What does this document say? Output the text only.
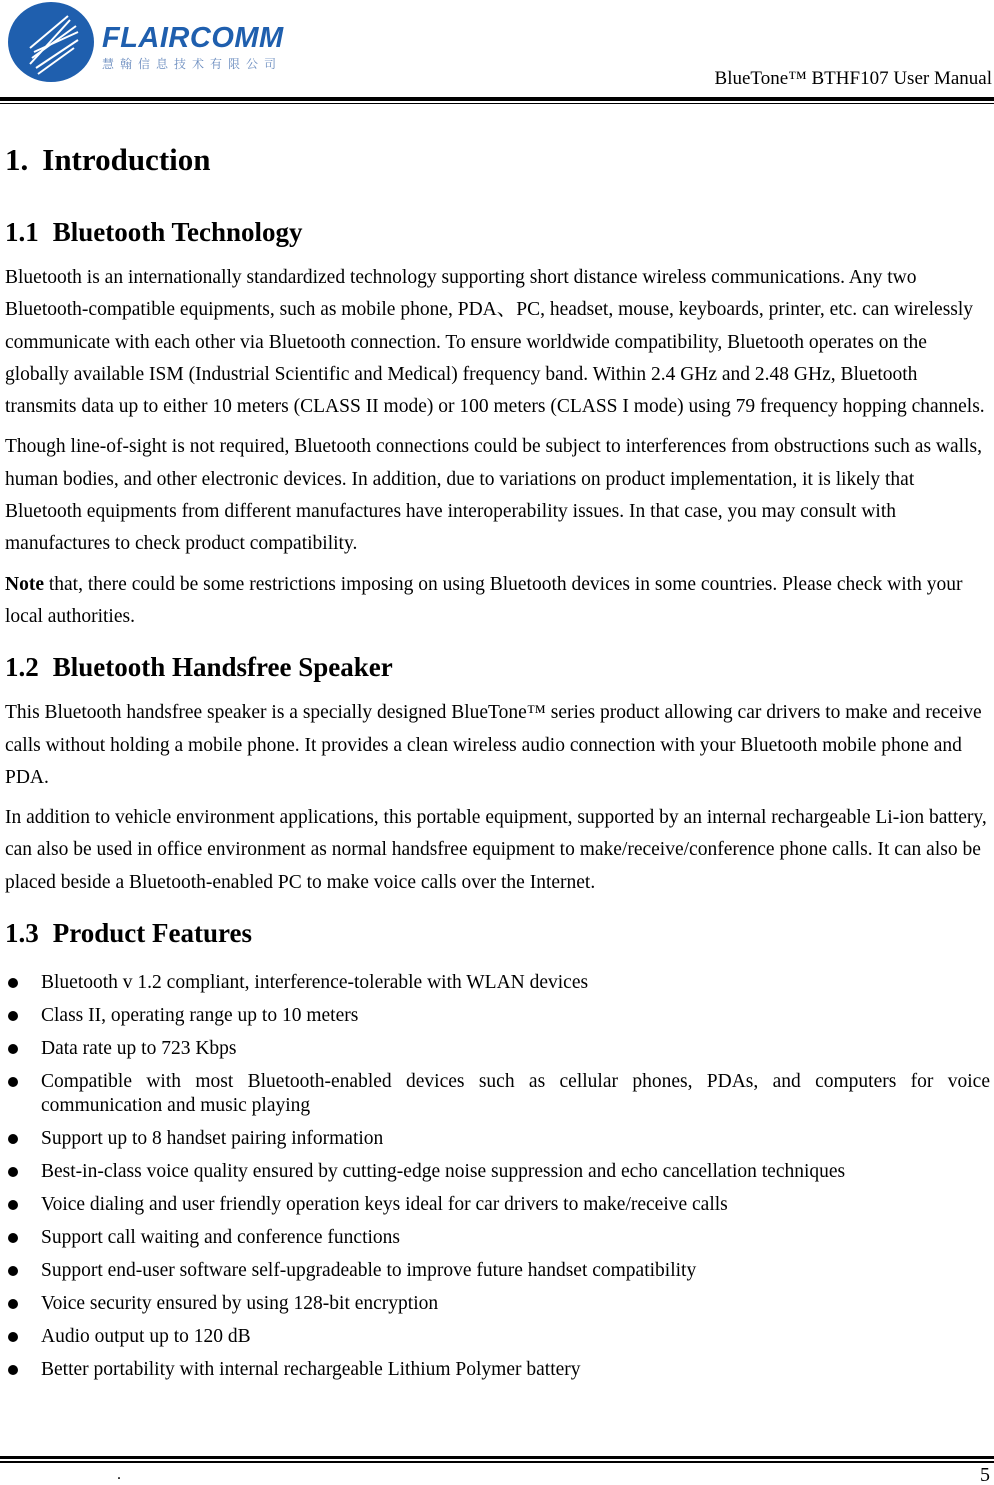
FLAIRCOMM
慧翰信息技术有限公司
BlueTone™ BTHF107 User Manual
1. Introduction
1.1 Bluetooth Technology

Bluetooth is an internationally standardized technology supporting short distance wireless communications. Any two Bluetooth-compatible equipments, such as mobile phone, PDA、PC, headset, mouse, keyboards, printer, etc. can wirelessly communicate with each other via Bluetooth connection. To ensure worldwide compatibility, Bluetooth operates on the globally available ISM (Industrial Scientific and Medical) frequency band. Within 2.4 GHz and 2.48 GHz, Bluetooth transmits data up to either 10 meters (CLASS II mode) or 100 meters (CLASS I mode) using 79 frequency hopping channels.

Though line-of-sight is not required, Bluetooth connections could be subject to interferences from obstructions such as walls, human bodies, and other electronic devices. In addition, due to variations on product implementation, it is likely that Bluetooth equipments from different manufactures have interoperability issues. In that case, you may consult with manufactures to check product compatibility.

Note that, there could be some restrictions imposing on using Bluetooth devices in some countries. Please check with your local authorities.

1.2 Bluetooth Handsfree Speaker

This Bluetooth handsfree speaker is a specially designed BlueTone™ series product allowing car drivers to make and receive calls without holding a mobile phone. It provides a clean wireless audio connection with your Bluetooth mobile phone and PDA.

In addition to vehicle environment applications, this portable equipment, supported by an internal rechargeable Li-ion battery, can also be used in office environment as normal handsfree equipment to make/receive/conference phone calls. It can also be placed beside a Bluetooth-enabled PC to make voice calls over the Internet.

1.3 Product Features
Bluetooth v 1.2 compliant, interference-tolerable with WLAN devices
Class II, operating range up to 10 meters
Data rate up to 723 Kbps
Compatible with most Bluetooth-enabled devices such as cellular phones, PDAs, and computers for voice communication and music playing
Support up to 8 handset pairing information
Best-in-class voice quality ensured by cutting-edge noise suppression and echo cancellation techniques
Voice dialing and user friendly operation keys ideal for car drivers to make/receive calls
Support call waiting and conference functions
Support end-user software self-upgradeable to improve future handset compatibility
Voice security ensured by using 128-bit encryption
Audio output up to 120 dB
Better portability with internal rechargeable Lithium Polymer battery
.	5
